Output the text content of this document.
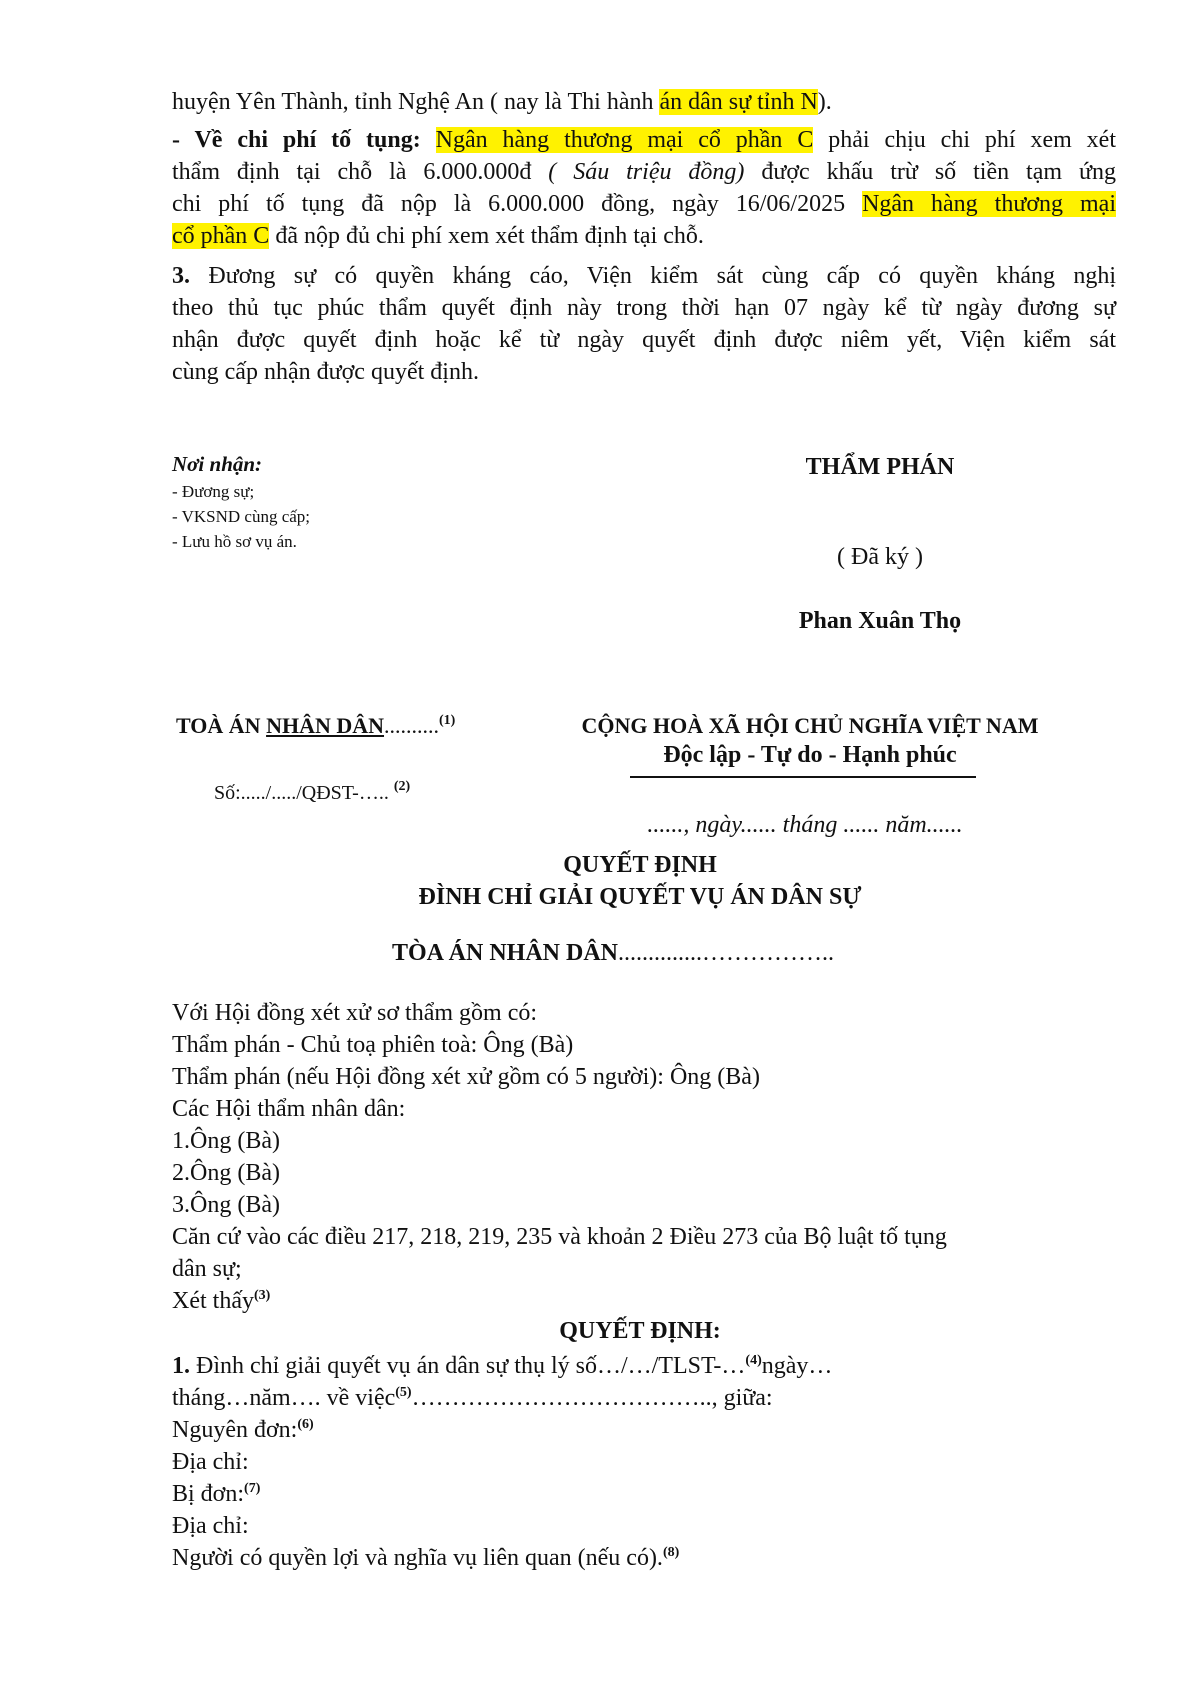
huyện Yên Thành, tỉnh Nghệ An ( nay là Thi hành án dân sự tỉnh N).
- Về chi phí tố tụng: Ngân hàng thương mại cổ phần C phải chịu chi phí xem xét
thẩm định tại chỗ là 6.000.000đ ( Sáu triệu đồng) được khấu trừ số tiền tạm ứng
chi phí tố tụng đã nộp là 6.000.000 đồng, ngày 16/06/2025 Ngân hàng thương mại
cổ phần C đã nộp đủ chi phí xem xét thẩm định tại chỗ.
3. Đương sự có quyền kháng cáo, Viện kiểm sát cùng cấp có quyền kháng nghị
theo thủ tục phúc thẩm quyết định này trong thời hạn 07 ngày kể từ ngày đương sự
nhận được quyết định hoặc kể từ ngày quyết định được niêm yết, Viện kiểm sát
cùng cấp nhận được quyết định.
Nơi nhận:
- Đương sự;
- VKSND cùng cấp;
- Lưu hồ sơ vụ án.
THẨM PHÁN
( Đã ký )
Phan Xuân Thọ
TOÀ ÁN NHÂN DÂN..........$^{(1)}$
Số:...../...../QĐST-….. $^{(2)}$
CỘNG HOÀ XÃ HỘI CHỦ NGHĨA VIỆT NAM
Độc lập - Tự do - Hạnh phúc
......, ngày...... tháng ...... năm......
QUYẾT ĐỊNH
ĐÌNH CHỈ GIẢI QUYẾT VỤ ÁN DÂN SỰ
TÒA ÁN NHÂN DÂN..............……………..
Với Hội đồng xét xử sơ thẩm gồm có:
Thẩm phán - Chủ toạ phiên toà: Ông (Bà)
Thẩm phán (nếu Hội đồng xét xử gồm có 5 người): Ông (Bà)
Các Hội thẩm nhân dân:
1.Ông (Bà)
2.Ông (Bà)
3.Ông (Bà)
Căn cứ vào các điều 217, 218, 219, 235 và khoản 2 Điều 273 của Bộ luật tố tụng
dân sự;
Xét thấy$^{(3)}$
QUYẾT ĐỊNH:
1. Đình chỉ giải quyết vụ án dân sự thụ lý số…/…/TLST-…$^{(4)}$ngày…
tháng…năm…. về việc$^{(5)}$……………………………….., giữa:
Nguyên đơn:$^{(6)}$
Địa chỉ:
Bị đơn:$^{(7)}$
Địa chỉ:
Người có quyền lợi và nghĩa vụ liên quan (nếu có).$^{(8)}$
